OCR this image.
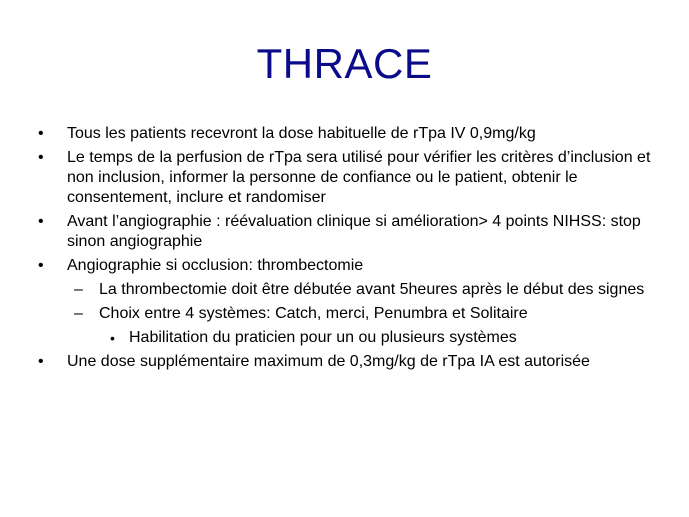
THRACE
• Tous les patients recevront la dose habituelle de rTpa IV 0,9mg/kg
• Le temps de la perfusion de rTpa sera utilisé pour vérifier les critères d’inclusion et non inclusion, informer la personne de confiance ou le patient, obtenir le consentement, inclure et randomiser
• Avant l’angiographie : réévaluation clinique si amélioration> 4 points NIHSS: stop sinon angiographie
• Angiographie si occlusion: thrombectomie
– La thrombectomie doit être débutée avant 5heures après le début des signes
– Choix entre 4 systèmes: Catch, merci, Penumbra et Solitaire
• Habilitation du praticien pour un ou plusieurs systèmes
• Une dose supplémentaire maximum de 0,3mg/kg de rTpa IA est autorisée
